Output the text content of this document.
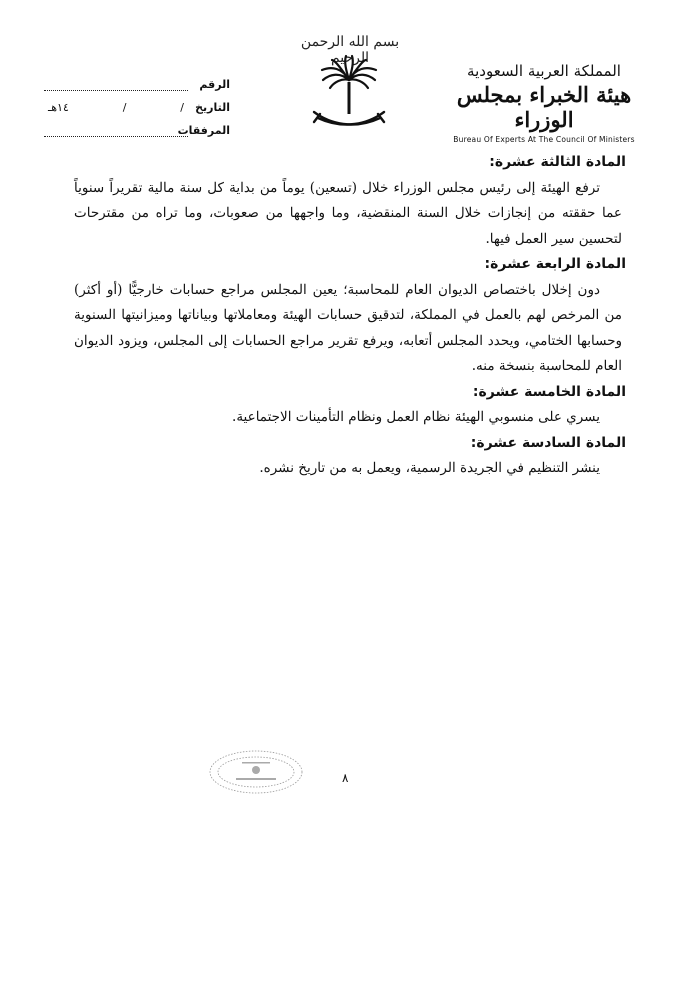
بسم الله الرحمن الرحيم
المملكة العربية السعودية
هيئة الخبراء بمجلس الوزراء
Bureau Of Experts At The Council Of Ministers
الرقم
التاريخ
/
/
١٤هـ
المرفقات
المادة الثالثة عشرة:

ترفع الهيئة إلى رئيس مجلس الوزراء خلال (تسعين) يوماً من بداية كل سنة مالية تقريراً سنوياً عما حققته من إنجازات خلال السنة المنقضية، وما واجهها من صعوبات، وما تراه من مقترحات لتحسين سير العمل فيها.

المادة الرابعة عشرة:

دون إخلال باختصاص الديوان العام للمحاسبة؛ يعين المجلس مراجع حسابات خارجيًّا (أو أكثر) من المرخص لهم بالعمل في المملكة، لتدقيق حسابات الهيئة ومعاملاتها وبياناتها وميزانيتها السنوية وحسابها الختامي، ويحدد المجلس أتعابه، ويرفع تقرير مراجع الحسابات إلى المجلس، ويزود الديوان العام للمحاسبة بنسخة منه.

المادة الخامسة عشرة:

يسري على منسوبي الهيئة نظام العمل ونظام التأمينات الاجتماعية.

المادة السادسة عشرة:

ينشر التنظيم في الجريدة الرسمية، ويعمل به من تاريخ نشره.

٨
